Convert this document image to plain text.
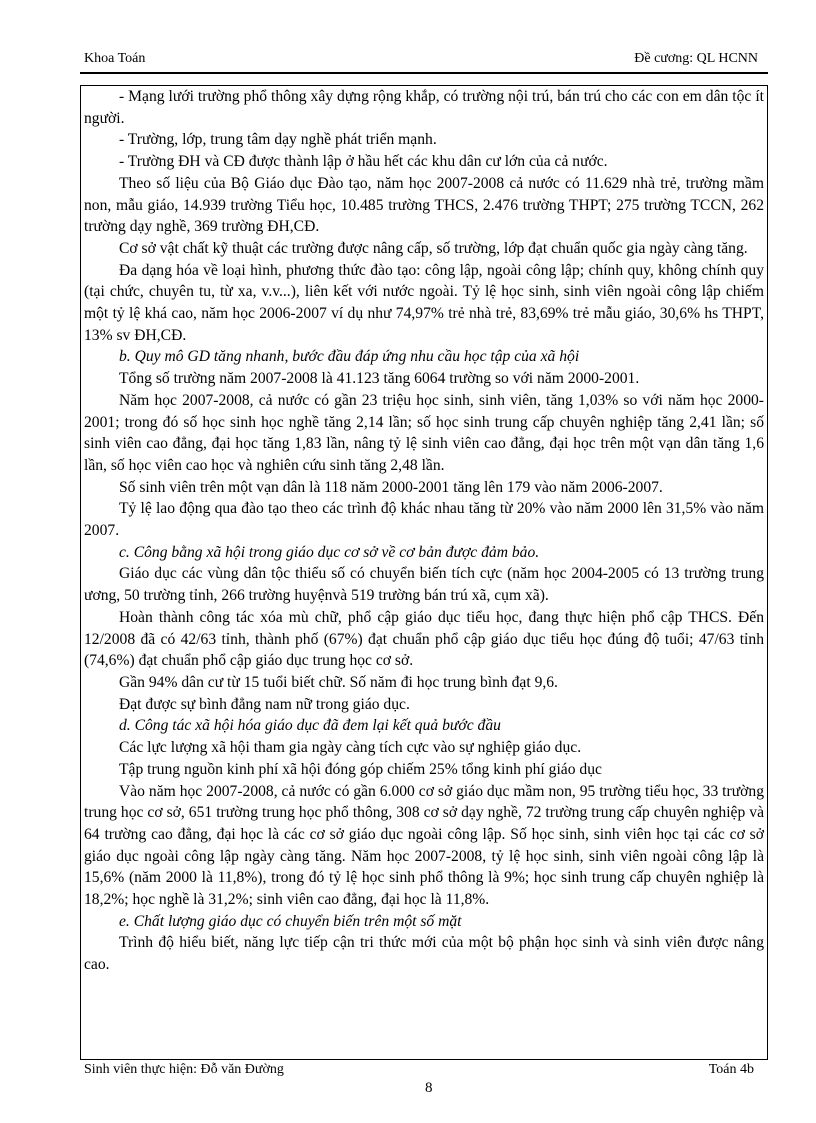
Khoa Toán	Đề cương: QL HCNN

- Mạng lưới trường phổ thông xây dựng rộng khắp, có trường nội trú, bán trú cho các con em dân tộc ít người.

- Trường, lớp, trung tâm dạy nghề phát triển mạnh.

- Trường ĐH và CĐ được thành lập ở hầu hết các khu dân cư lớn của cả nước.

Theo số liệu của Bộ Giáo dục Đào tạo, năm học 2007-2008 cả nước có 11.629 nhà trẻ, trường mầm non, mẫu giáo, 14.939 trường Tiểu học, 10.485 trường THCS, 2.476 trường THPT; 275 trường TCCN, 262 trường dạy nghề, 369 trường ĐH,CĐ.

Cơ sở vật chất kỹ thuật các trường được nâng cấp, số trường, lớp đạt chuẩn quốc gia ngày càng tăng.

Đa dạng hóa về loại hình, phương thức đào tạo: công lập, ngoài công lập; chính quy, không chính quy (tại chức, chuyên tu, từ xa, v.v...), liên kết với nước ngoài. Tỷ lệ học sinh, sinh viên ngoài công lập chiếm một tỷ lệ khá cao, năm học 2006-2007 ví dụ như 74,97% trẻ nhà trẻ, 83,69% trẻ mẫu giáo, 30,6% hs THPT, 13% sv ĐH,CĐ.

b. Quy mô GD tăng nhanh, bước đầu đáp ứng nhu cầu học tập của xã hội

Tổng số trường năm 2007-2008 là 41.123 tăng 6064 trường so với năm 2000-2001.

Năm học 2007-2008, cả nước có gần 23 triệu học sinh, sinh viên, tăng 1,03% so với năm học 2000-2001; trong đó số học sinh học nghề tăng 2,14 lần; số học sinh trung cấp chuyên nghiệp tăng 2,41 lần; số sinh viên cao đẳng, đại học tăng 1,83 lần, nâng tỷ lệ sinh viên cao đẳng, đại học trên một vạn dân tăng 1,6 lần, số học viên cao học và nghiên cứu sinh tăng 2,48 lần.

Số sinh viên trên một vạn dân là 118 năm 2000-2001 tăng lên 179 vào năm 2006-2007.

Tỷ lệ lao động qua đào tạo theo các trình độ khác nhau tăng từ 20% vào năm 2000 lên 31,5% vào năm 2007.

c. Công bằng xã hội trong giáo dục cơ sở về cơ bản được đảm bảo.

Giáo dục các vùng dân tộc thiểu số có chuyển biến tích cực (năm học 2004-2005 có 13 trường trung ương, 50 trường tỉnh, 266 trường huyệnvà 519 trường bán trú xã, cụm xã).

Hoàn thành công tác xóa mù chữ, phổ cập giáo dục tiểu học, đang thực hiện phổ cập THCS. Đến 12/2008 đã có 42/63 tỉnh, thành phố (67%) đạt chuẩn phổ cập giáo dục tiểu học đúng độ tuổi; 47/63 tỉnh (74,6%) đạt chuẩn phổ cập giáo dục trung học cơ sở.

Gần 94% dân cư từ 15 tuổi biết chữ. Số năm đi học trung bình đạt 9,6.

Đạt được sự bình đẳng nam nữ trong giáo dục.

d. Công tác xã hội hóa giáo dục đã đem lại kết quả bước đầu

Các lực lượng xã hội tham gia ngày càng tích cực vào sự nghiệp giáo dục.

Tập trung nguồn kinh phí xã hội đóng góp chiếm 25% tổng kinh phí giáo dục

Vào năm học 2007-2008, cả nước có gần 6.000 cơ sở giáo dục mầm non, 95 trường tiểu học, 33 trường trung học cơ sở, 651 trường trung học phổ thông, 308 cơ sở dạy nghề, 72 trường trung cấp chuyên nghiệp và 64 trường cao đẳng, đại học là các cơ sở giáo dục ngoài công lập. Số học sinh, sinh viên học tại các cơ sở giáo dục ngoài công lập ngày càng tăng. Năm học 2007-2008, tỷ lệ học sinh, sinh viên ngoài công lập là 15,6% (năm 2000 là 11,8%), trong đó tỷ lệ học sinh phổ thông là 9%; học sinh trung cấp chuyên nghiệp là 18,2%; học nghề là 31,2%; sinh viên cao đẳng, đại học là 11,8%.

e. Chất lượng giáo dục có chuyển biến trên một số mặt

Trình độ hiểu biết, năng lực tiếp cận tri thức mới của một bộ phận học sinh và sinh viên được nâng cao.

Sinh viên thực hiện: Đỗ văn Đường	Toán 4b
8
